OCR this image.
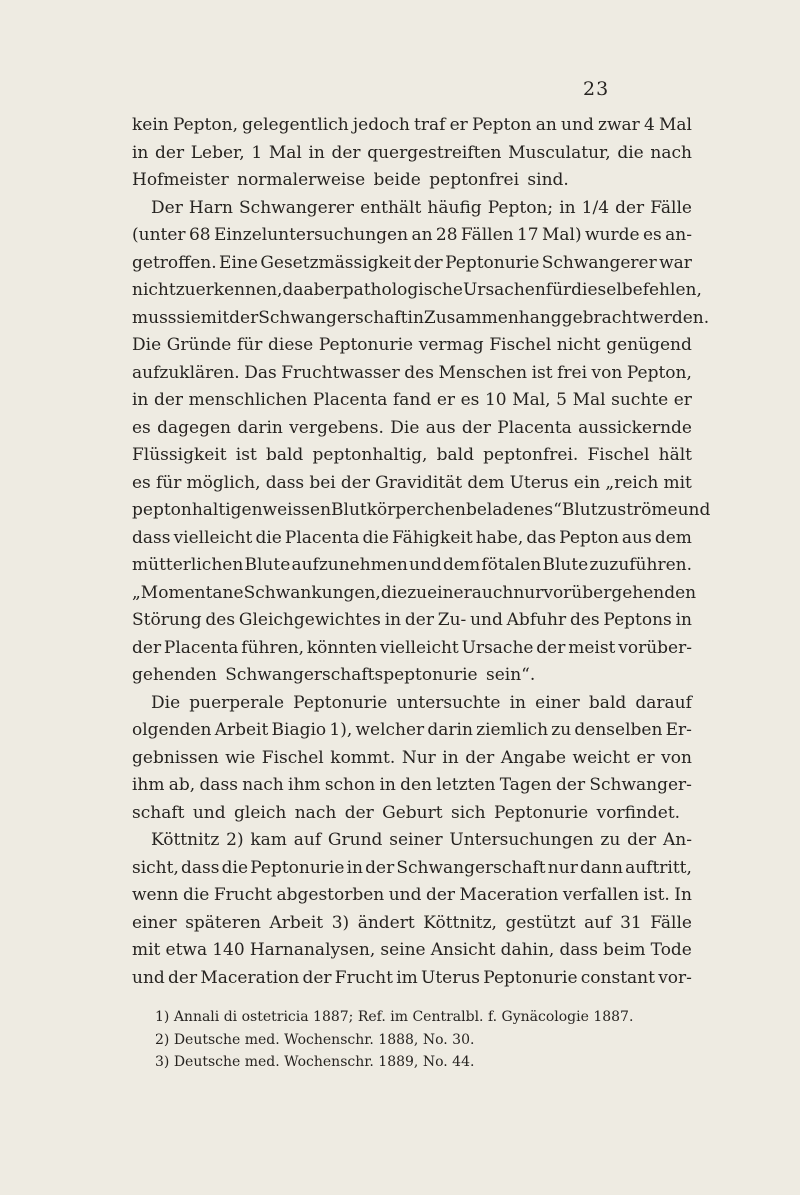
23
kein Pepton, gelegentlich jedoch traf er Pepton an und zwar 4 Mal
in der Leber, 1 Mal in der quergestreiften Musculatur, die nach
Hofmeister normalerweise beide peptonfrei sind.
Der Harn Schwangerer enthält häufig Pepton; in 1/4 der Fälle
(unter 68 Einzeluntersuchungen an 28 Fällen 17 Mal) wurde es an-
getroffen. Eine Gesetzmässigkeit der Peptonurie Schwangerer war
nicht zu erkennen, da aber pathologische Ursachen für dieselbe fehlen,
muss sie mit der Schwangerschaft in Zusammenhang gebracht werden.
Die Gründe für diese Peptonurie vermag Fischel nicht genügend
aufzuklären. Das Fruchtwasser des Menschen ist frei von Pepton,
in der menschlichen Placenta fand er es 10 Mal, 5 Mal suchte er
es dagegen darin vergebens. Die aus der Placenta aussickernde
Flüssigkeit ist bald peptonhaltig, bald peptonfrei. Fischel hält
es für möglich, dass bei der Gravidität dem Uterus ein „reich mit
peptonhaltigen weissen Blutkörperchen beladenes“ Blut zuströme und
dass vielleicht die Placenta die Fähigkeit habe, das Pepton aus dem
mütterlichen Blute aufzunehmen und dem fötalen Blute zuzuführen.
„Momentane Schwankungen, die zu einer auch nur vorübergehenden
Störung des Gleichgewichtes in der Zu- und Abfuhr des Peptons in
der Placenta führen, könnten vielleicht Ursache der meist vorüber-
gehenden Schwangerschaftspeptonurie sein“.
Die puerperale Peptonurie untersuchte in einer bald darauf
olgenden Arbeit Biagio 1), welcher darin ziemlich zu denselben Er-
gebnissen wie Fischel kommt. Nur in der Angabe weicht er von
ihm ab, dass nach ihm schon in den letzten Tagen der Schwanger-
schaft und gleich nach der Geburt sich Peptonurie vorfindet.
Köttnitz 2) kam auf Grund seiner Untersuchungen zu der An-
sicht, dass die Peptonurie in der Schwangerschaft nur dann auftritt,
wenn die Frucht abgestorben und der Maceration verfallen ist. In
einer späteren Arbeit 3) ändert Köttnitz, gestützt auf 31 Fälle
mit etwa 140 Harnanalysen, seine Ansicht dahin, dass beim Tode
und der Maceration der Frucht im Uterus Peptonurie constant vor-
1) Annali di ostetricia 1887; Ref. im Centralbl. f. Gynäcologie 1887.
2) Deutsche med. Wochenschr. 1888, No. 30.
3) Deutsche med. Wochenschr. 1889, No. 44.
